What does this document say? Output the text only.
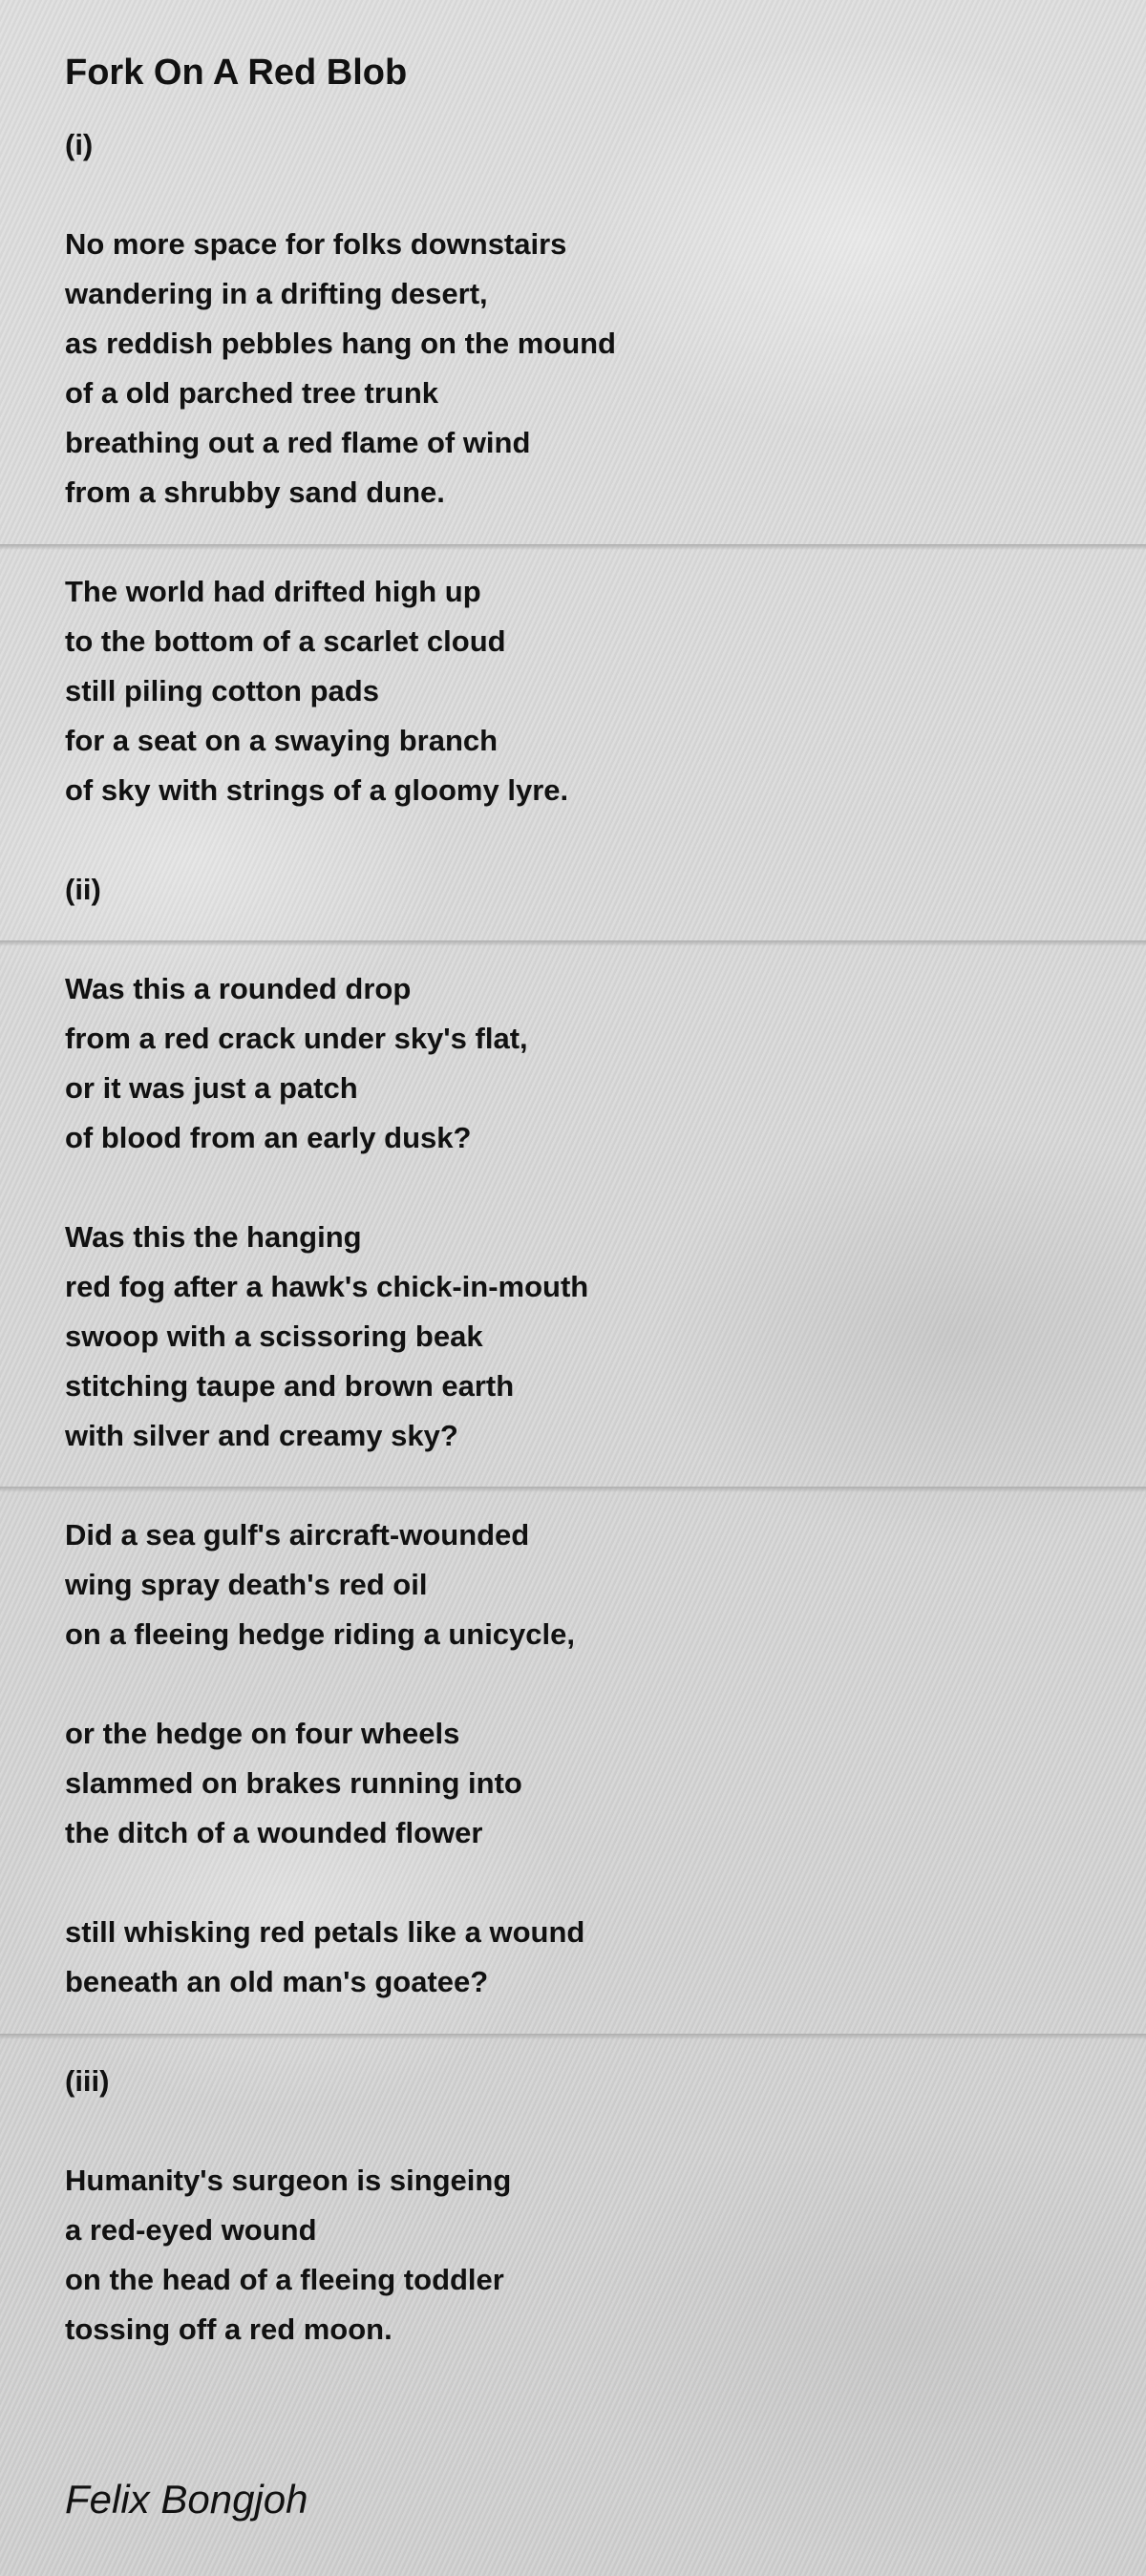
Fork On A Red Blob
(i)
No more space for folks downstairs
wandering in a drifting desert,
as reddish pebbles hang on the mound
of a old parched tree trunk
breathing out a red flame of wind
from a shrubby sand dune.
The world had drifted high up
to the bottom of a scarlet cloud
still piling cotton pads
for a seat on a swaying branch
of sky with strings of a gloomy lyre.
(ii)
Was this a rounded drop
from a red crack under sky's flat,
or it was just a patch
of blood from an early dusk?
Was this the hanging
red fog after a hawk's chick-in-mouth
swoop with a scissoring beak
stitching taupe and brown earth
with silver and creamy sky?
Did a sea gulf's aircraft-wounded
wing spray death's red oil
on a fleeing hedge riding a unicycle,
or the hedge on four wheels
slammed on brakes running into
the ditch of a wounded flower
still whisking red petals like a wound
beneath an old man's goatee?
(iii)
Humanity's surgeon is singeing
a red-eyed wound
on the head of a fleeing toddler
tossing off a red moon.
Felix Bongjoh
